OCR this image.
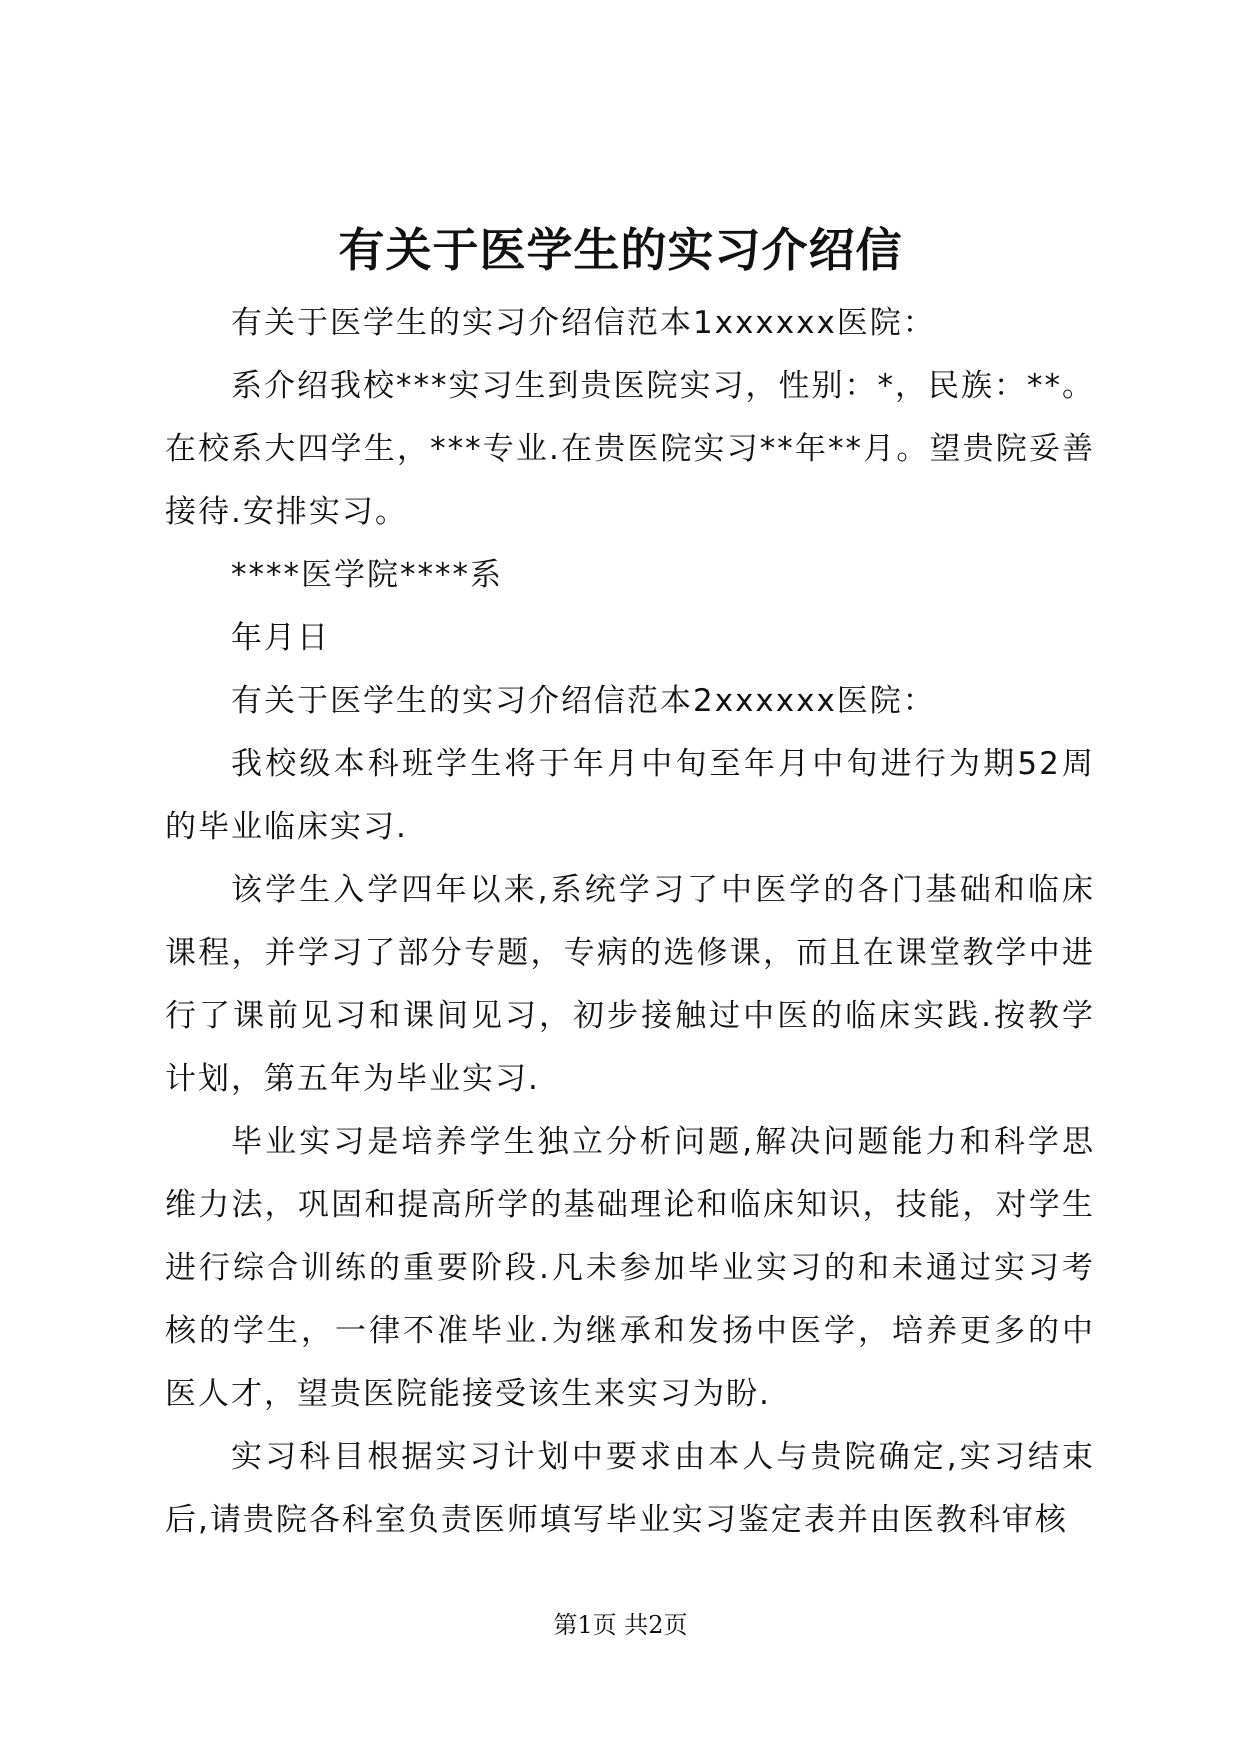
有关于医学生的实习介绍信

有关于医学生的实习介绍信范本1xxxxxx医院：

系介绍我校***实习生到贵医院实习，性别：*，民族：**。在校系大四学生，***专业.在贵医院实习**年**月。望贵院妥善接待.安排实习。

****医学院****系

年月日

有关于医学生的实习介绍信范本2xxxxxx医院：

我校级本科班学生将于年月中旬至年月中旬进行为期52周的毕业临床实习.

该学生入学四年以来,系统学习了中医学的各门基础和临床课程，并学习了部分专题，专病的选修课，而且在课堂教学中进行了课前见习和课间见习，初步接触过中医的临床实践.按教学计划，第五年为毕业实习.

毕业实习是培养学生独立分析问题,解决问题能力和科学思维力法，巩固和提高所学的基础理论和临床知识，技能，对学生进行综合训练的重要阶段.凡未参加毕业实习的和未通过实习考核的学生，一律不准毕业.为继承和发扬中医学，培养更多的中医人才，望贵医院能接受该生来实习为盼.

实习科目根据实习计划中要求由本人与贵院确定,实习结束后,请贵院各科室负责医师填写毕业实习鉴定表并由医教科审核

第1页 共2页
